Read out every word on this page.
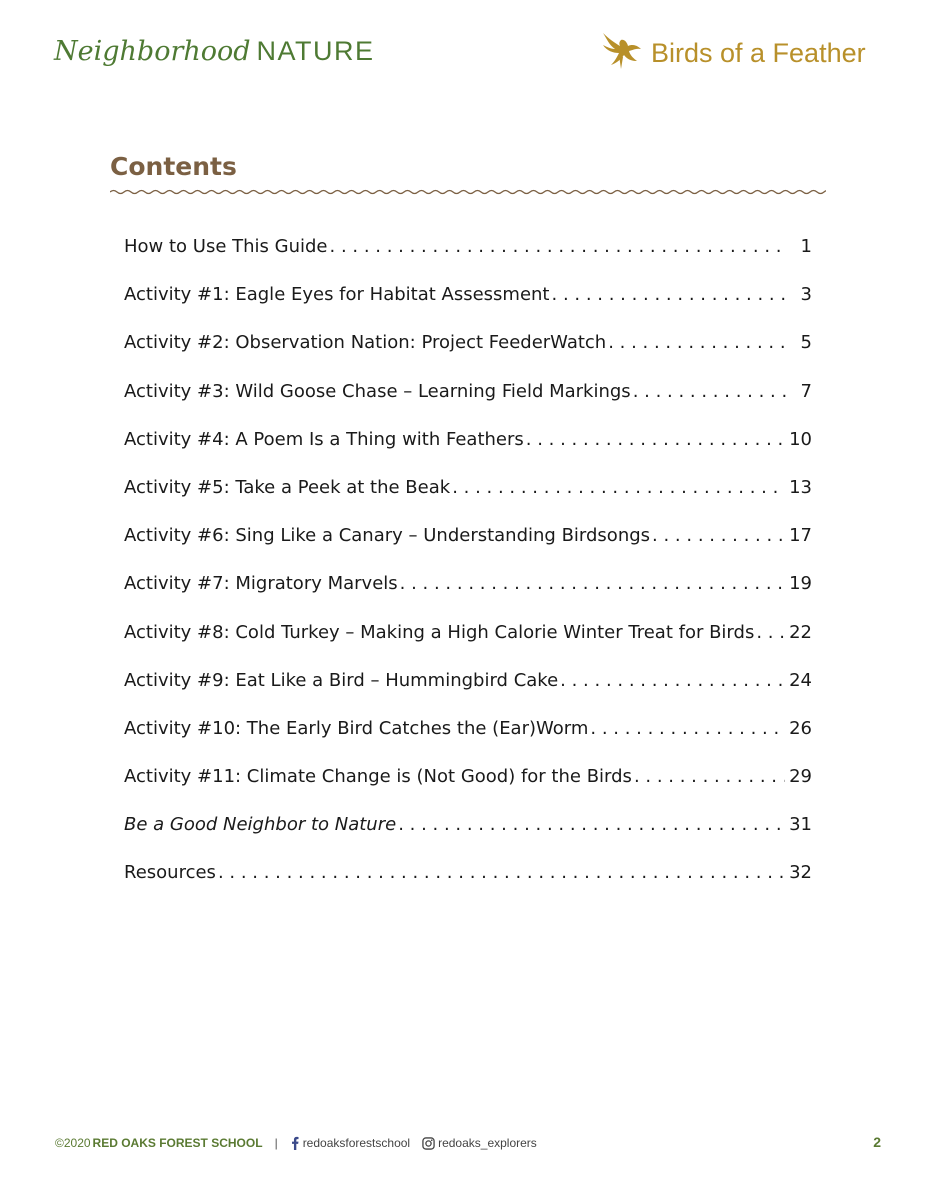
Neighborhood NATURE	Birds of a Feather
Contents
How to Use This Guide . . .	1
Activity #1: Eagle Eyes for Habitat Assessment . . .	3
Activity #2: Observation Nation: Project FeederWatch . . .	5
Activity #3: Wild Goose Chase – Learning Field Markings . . .	7
Activity #4: A Poem Is a Thing with Feathers . . .	10
Activity #5: Take a Peek at the Beak . . .	13
Activity #6: Sing Like a Canary – Understanding Birdsongs . . .	17
Activity #7: Migratory Marvels . . .	19
Activity #8: Cold Turkey – Making a High Calorie Winter Treat for Birds . . . 22
Activity #9: Eat Like a Bird – Hummingbird Cake . . .	24
Activity #10: The Early Bird Catches the (Ear)Worm . . .	26
Activity #11: Climate Change is (Not Good) for the Birds . . .	29
Be a Good Neighbor to Nature . . .	31
Resources . . .	32
©2020 RED OAKS FOREST SCHOOL | redoaksforestschool redoaks_explorers	2
